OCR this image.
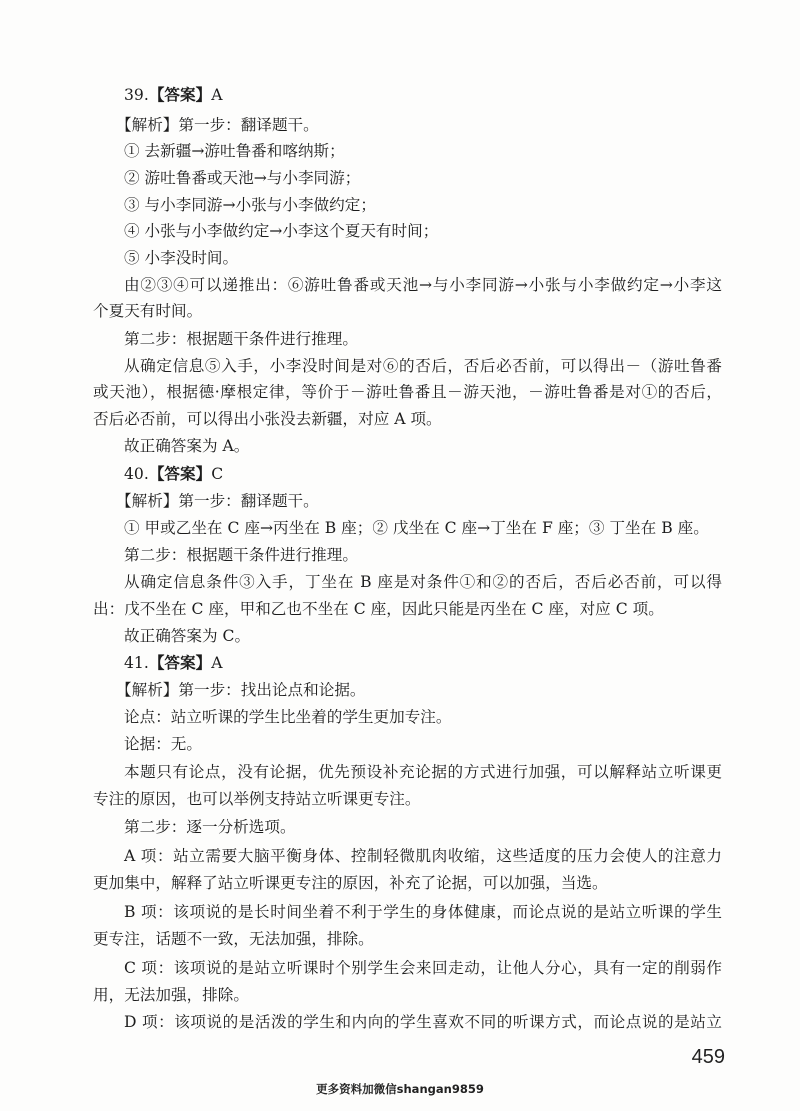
39.【答案】A
【解析】第一步：翻译题干。
① 去新疆→游吐鲁番和喀纳斯；
② 游吐鲁番或天池→与小李同游；
③ 与小李同游→小张与小李做约定；
④ 小张与小李做约定→小李这个夏天有时间；
⑤ 小李没时间。
由②③④可以递推出：⑥游吐鲁番或天池→与小李同游→小张与小李做约定→小李这
个夏天有时间。
第二步：根据题干条件进行推理。
从确定信息⑤入手，小李没时间是对⑥的否后，否后必否前，可以得出－（游吐鲁番
或天池），根据德·摩根定律，等价于－游吐鲁番且－游天池，－游吐鲁番是对①的否后，
否后必否前，可以得出小张没去新疆，对应 A 项。
故正确答案为 A。
40.【答案】C
【解析】第一步：翻译题干。
① 甲或乙坐在 C 座→丙坐在 B 座；② 戊坐在 C 座→丁坐在 F 座；③ 丁坐在 B 座。
第二步：根据题干条件进行推理。
从确定信息条件③入手，丁坐在 B 座是对条件①和②的否后，否后必否前，可以得
出：戊不坐在 C 座，甲和乙也不坐在 C 座，因此只能是丙坐在 C 座，对应 C 项。
故正确答案为 C。
41.【答案】A
【解析】第一步：找出论点和论据。
论点：站立听课的学生比坐着的学生更加专注。
论据：无。
本题只有论点，没有论据，优先预设补充论据的方式进行加强，可以解释站立听课更
专注的原因，也可以举例支持站立听课更专注。
第二步：逐一分析选项。
A 项：站立需要大脑平衡身体、控制轻微肌肉收缩，这些适度的压力会使人的注意力
更加集中，解释了站立听课更专注的原因，补充了论据，可以加强，当选。
B 项：该项说的是长时间坐着不利于学生的身体健康，而论点说的是站立听课的学生
更专注，话题不一致，无法加强，排除。
C 项：该项说的是站立听课时个别学生会来回走动，让他人分心，具有一定的削弱作
用，无法加强，排除。
D 项：该项说的是活泼的学生和内向的学生喜欢不同的听课方式，而论点说的是站立
459
更多资料加微信shangan9859
